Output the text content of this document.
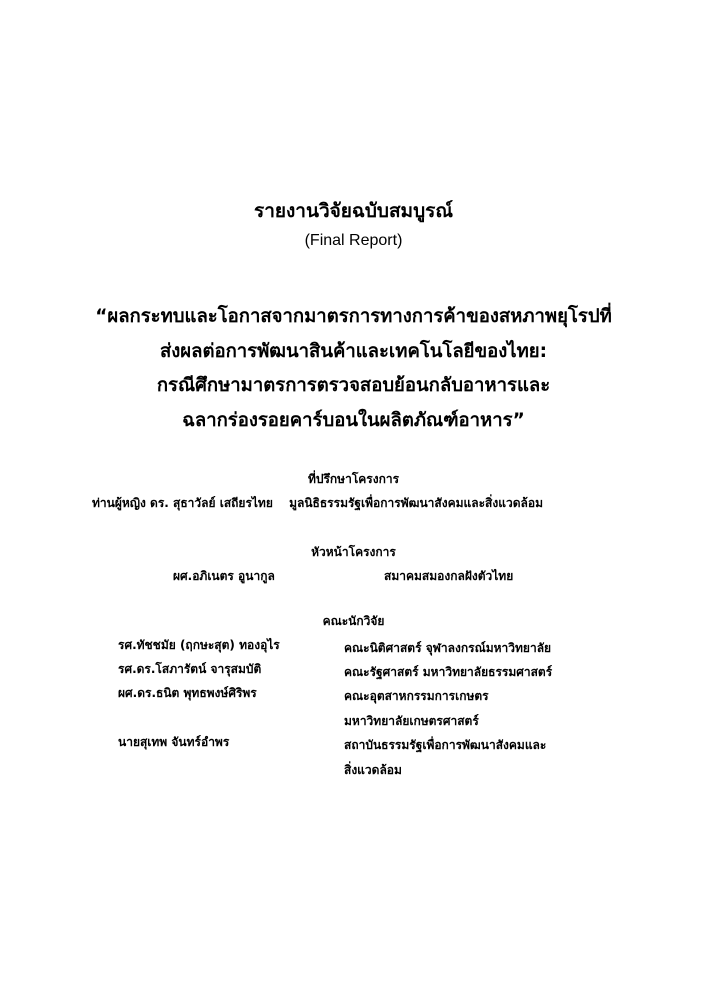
รายงานวิจัยฉบับสมบูรณ์
(Final Report)
“ผลกระทบและโอกาสจากมาตรการทางการค้าของสหภาพยุโรปที่
ส่งผลต่อการพัฒนาสินค้าและเทคโนโลยีของไทย:
กรณีศึกษามาตรการตรวจสอบย้อนกลับอาหารและ
ฉลากร่องรอยคาร์บอนในผลิตภัณฑ์อาหาร”
ที่ปรึกษาโครงการ
ท่านผู้หญิง ดร. สุธาวัลย์ เสถียรไทย มูลนิธิธรรมรัฐเพื่อการพัฒนาสังคมและสิ่งแวดล้อม
หัวหน้าโครงการ
ผศ.อภิเนตร อูนากูล	สมาคมสมองกลฝังตัวไทย
คณะนักวิจัย
รศ.ทัชชมัย (ฤกษะสุต) ทองอุไร	คณะนิติศาสตร์ จุฬาลงกรณ์มหาวิทยาลัย
รศ.ดร.โสภารัตน์ จารุสมบัติ	คณะรัฐศาสตร์ มหาวิทยาลัยธรรมศาสตร์
ผศ.ดร.ธนิต พุทธพงษ์ศิริพร	คณะอุตสาหกรรมการเกษตร
มหาวิทยาลัยเกษตรศาสตร์
นายสุเทพ จันทร์อำพร	สถาบันธรรมรัฐเพื่อการพัฒนาสังคมและ
สิ่งแวดล้อม
